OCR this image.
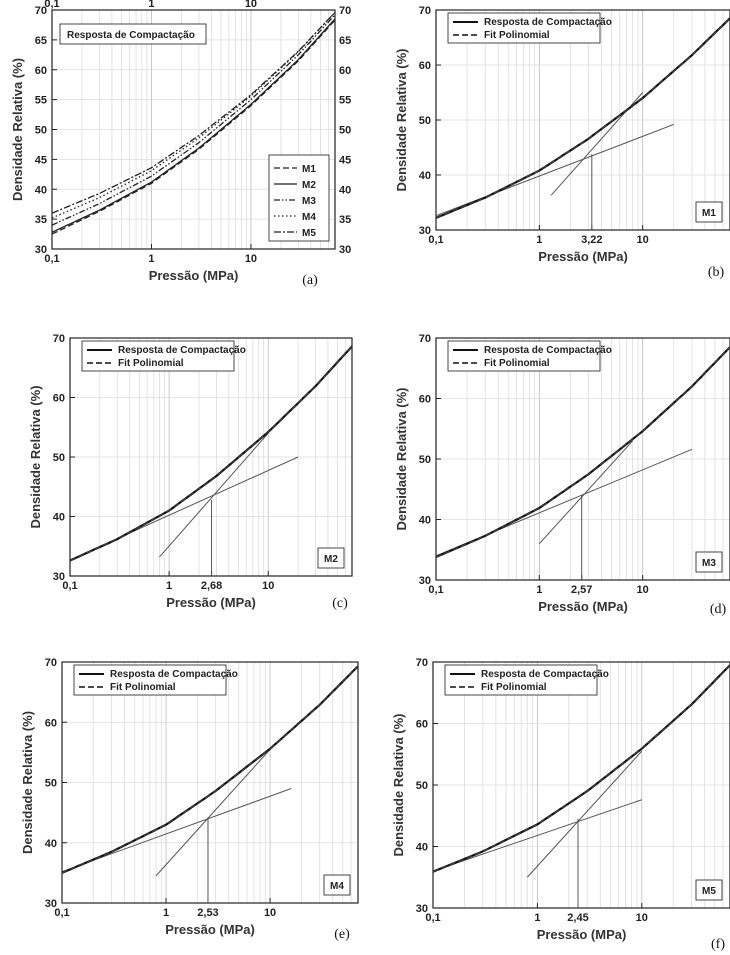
0,1
0,1
1
1
10
10
30	30
35	35
40	40
45	45
50	50
55	55
60	60
65	65
70	70
Pressão (MPa)
Densidade Relativa (%)
(a)
Resposta de Compactação
M1
M2
M3
M4
M5
0,1	1	3,22	10
30
40
50
60
70
Pressão (MPa)
Densidade Relativa (%)
(b)
Resposta de Compactação
Fit Polinomial
M1
0,1	1	2,68	10
30
40
50
60
70
Pressão (MPa)
Densidade Relativa (%)
(c)
Resposta de Compactação
Fit Polinomial
M2
0,1	1	2,57	10
30
40
50
60
70
Pressão (MPa)
Densidade Relativa (%)
(d)
Resposta de Compactação
Fit Polinomial
M3
0,1	1	2,53	10
30
40
50
60
70
Pressão (MPa)
Densidade Relativa (%)
(e)
Resposta de Compactação
Fit Polinomial
M4
0,1	1 2,45	10
30
40
50
60
70
Pressão (MPa)
Densidade Relativa (%)
(f)
Resposta de Compactação
Fit Polinomial
M5
